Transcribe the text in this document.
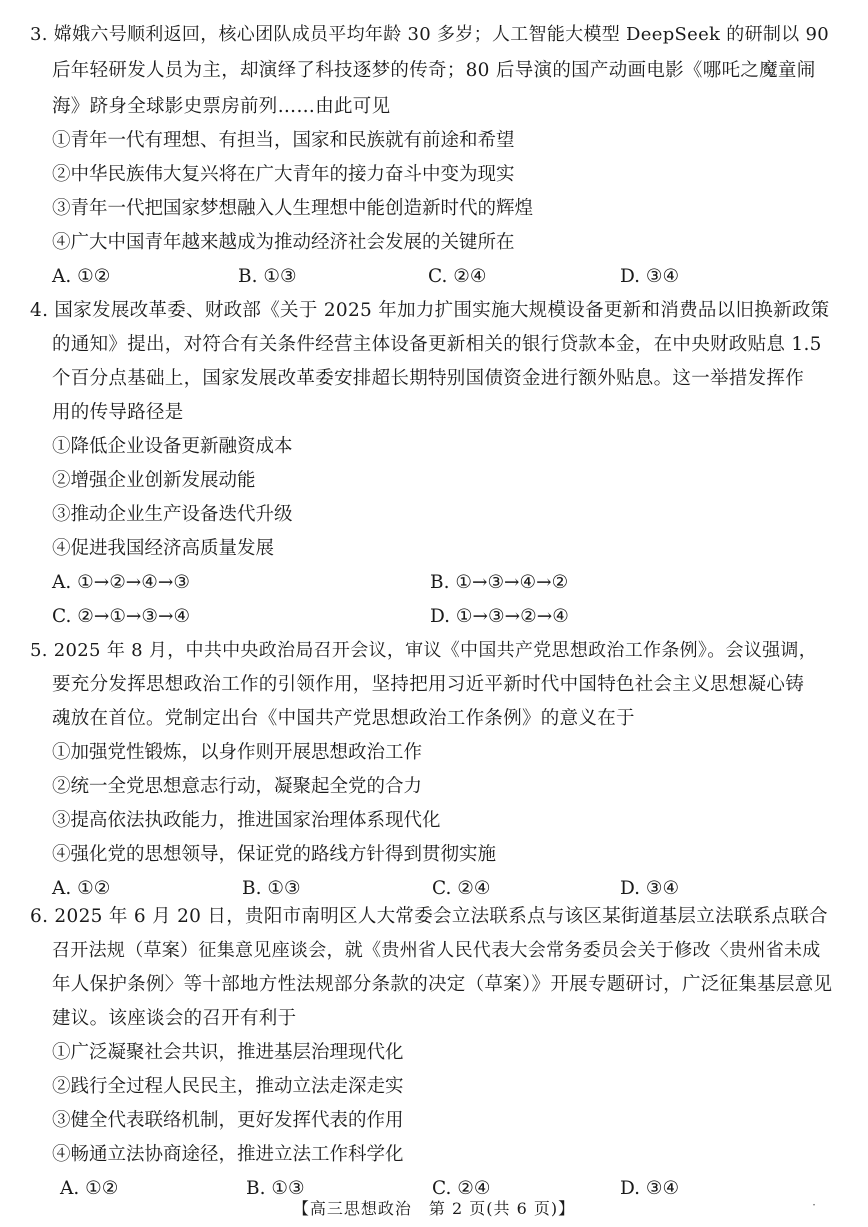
3. 嫦娥六号顺利返回，核心团队成员平均年龄 30 多岁；人工智能大模型 DeepSeek 的研制以 90
后年轻研发人员为主，却演绎了科技逐梦的传奇；80 后导演的国产动画电影《哪吒之魔童闹
海》跻身全球影史票房前列……由此可见
①青年一代有理想、有担当，国家和民族就有前途和希望
②中华民族伟大复兴将在广大青年的接力奋斗中变为现实
③青年一代把国家梦想融入人生理想中能创造新时代的辉煌
④广大中国青年越来越成为推动经济社会发展的关键所在
A. ①②	B. ①③	C. ②④	D. ③④
4. 国家发展改革委、财政部《关于 2025 年加力扩围实施大规模设备更新和消费品以旧换新政策
的通知》提出，对符合有关条件经营主体设备更新相关的银行贷款本金，在中央财政贴息 1.5
个百分点基础上，国家发展改革委安排超长期特别国债资金进行额外贴息。这一举措发挥作
用的传导路径是
①降低企业设备更新融资成本
②增强企业创新发展动能
③推动企业生产设备迭代升级
④促进我国经济高质量发展
A. ①→②→④→③	B. ①→③→④→②
C. ②→①→③→④	D. ①→③→②→④
5. 2025 年 8 月，中共中央政治局召开会议，审议《中国共产党思想政治工作条例》。会议强调，
要充分发挥思想政治工作的引领作用，坚持把用习近平新时代中国特色社会主义思想凝心铸
魂放在首位。党制定出台《中国共产党思想政治工作条例》的意义在于
①加强党性锻炼，以身作则开展思想政治工作
②统一全党思想意志行动，凝聚起全党的合力
③提高依法执政能力，推进国家治理体系现代化
④强化党的思想领导，保证党的路线方针得到贯彻实施
A. ①②	B. ①③	C. ②④	D. ③④
6. 2025 年 6 月 20 日，贵阳市南明区人大常委会立法联系点与该区某街道基层立法联系点联合
召开法规（草案）征集意见座谈会，就《贵州省人民代表大会常务委员会关于修改〈贵州省未成
年人保护条例〉等十部地方性法规部分条款的决定（草案）》开展专题研讨，广泛征集基层意见
建议。该座谈会的召开有利于
①广泛凝聚社会共识，推进基层治理现代化
②践行全过程人民民主，推动立法走深走实
③健全代表联络机制，更好发挥代表的作用
④畅通立法协商途径，推进立法工作科学化
A. ①②	B. ①③	C. ②④	D. ③④
【高三思想政治　第 2 页(共 6 页)】	·
